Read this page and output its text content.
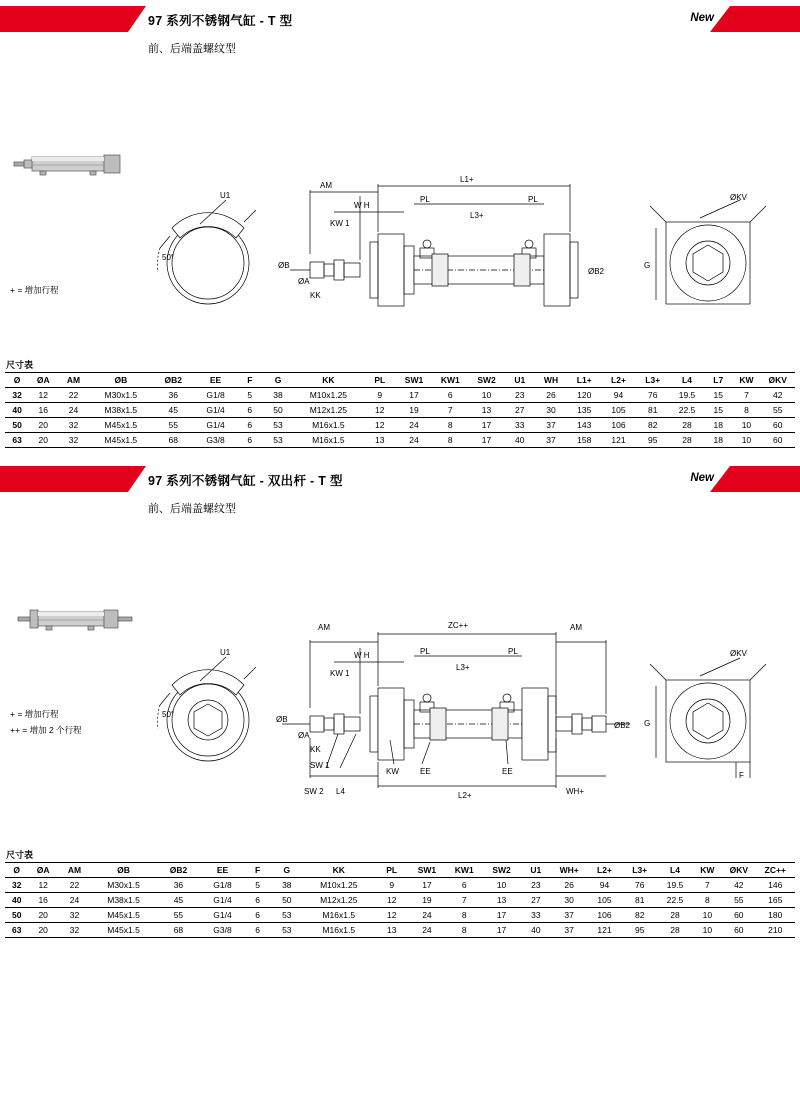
97 系列不锈钢气缸 - T 型	New
前、后端盖螺纹型
+ = 增加行程
50°
U1
AM
W H
KW 1
PL
L1+
L3+
PL
ØB
ØA
KK
ØB2
ØKV
G
尺寸表
Ø	ØA	AM	ØB	ØB2	EE	F	G	KK	PL	SW1	KW1	SW2	U1	WH	L1+	L2+	L3+	L4	L7	KW	ØKV
32	12	22	M30x1.5	36	G1/8	5	38	M10x1.25	9	17	6	10	23	26	120	94	76	19.5	15	7	42
40	16	24	M38x1.5	45	G1/4	6	50	M12x1.25	12	19	7	13	27	30	135	105	81	22.5	15	8	55
50	20	32	M45x1.5	55	G1/4	6	53	M16x1.5	12	24	8	17	33	37	143	106	82	28	18	10	60
63	20	32	M45x1.5	68	G3/8	6	53	M16x1.5	13	24	8	17	40	37	158	121	95	28	18	10	60
97 系列不锈钢气缸 - 双出杆 - T 型	New
前、后端盖螺纹型
+ = 增加行程
++ = 增加 2 个行程
50°
U1
AM	AM
W H
KW 1
PL
ZC++
L3+
PL
ØB
ØA
KK
ØB2
SW 1
SW 2
KW	EE	EE
L4	L2+	WH+
ØKV
G
F
尺寸表
Ø	ØA	AM	ØB	ØB2	EE	F	G	KK	PL	SW1	KW1	SW2	U1	WH+	L2+	L3+	L4	KW	ØKV	ZC++
32	12	22	M30x1.5	36	G1/8	5	38	M10x1.25	9	17	6	10	23	26	94	76	19.5	7	42	146
40	16	24	M38x1.5	45	G1/4	6	50	M12x1.25	12	19	7	13	27	30	105	81	22.5	8	55	165
50	20	32	M45x1.5	55	G1/4	6	53	M16x1.5	12	24	8	17	33	37	106	82	28	10	60	180
63	20	32	M45x1.5	68	G3/8	6	53	M16x1.5	13	24	8	17	40	37	121	95	28	10	60	210
